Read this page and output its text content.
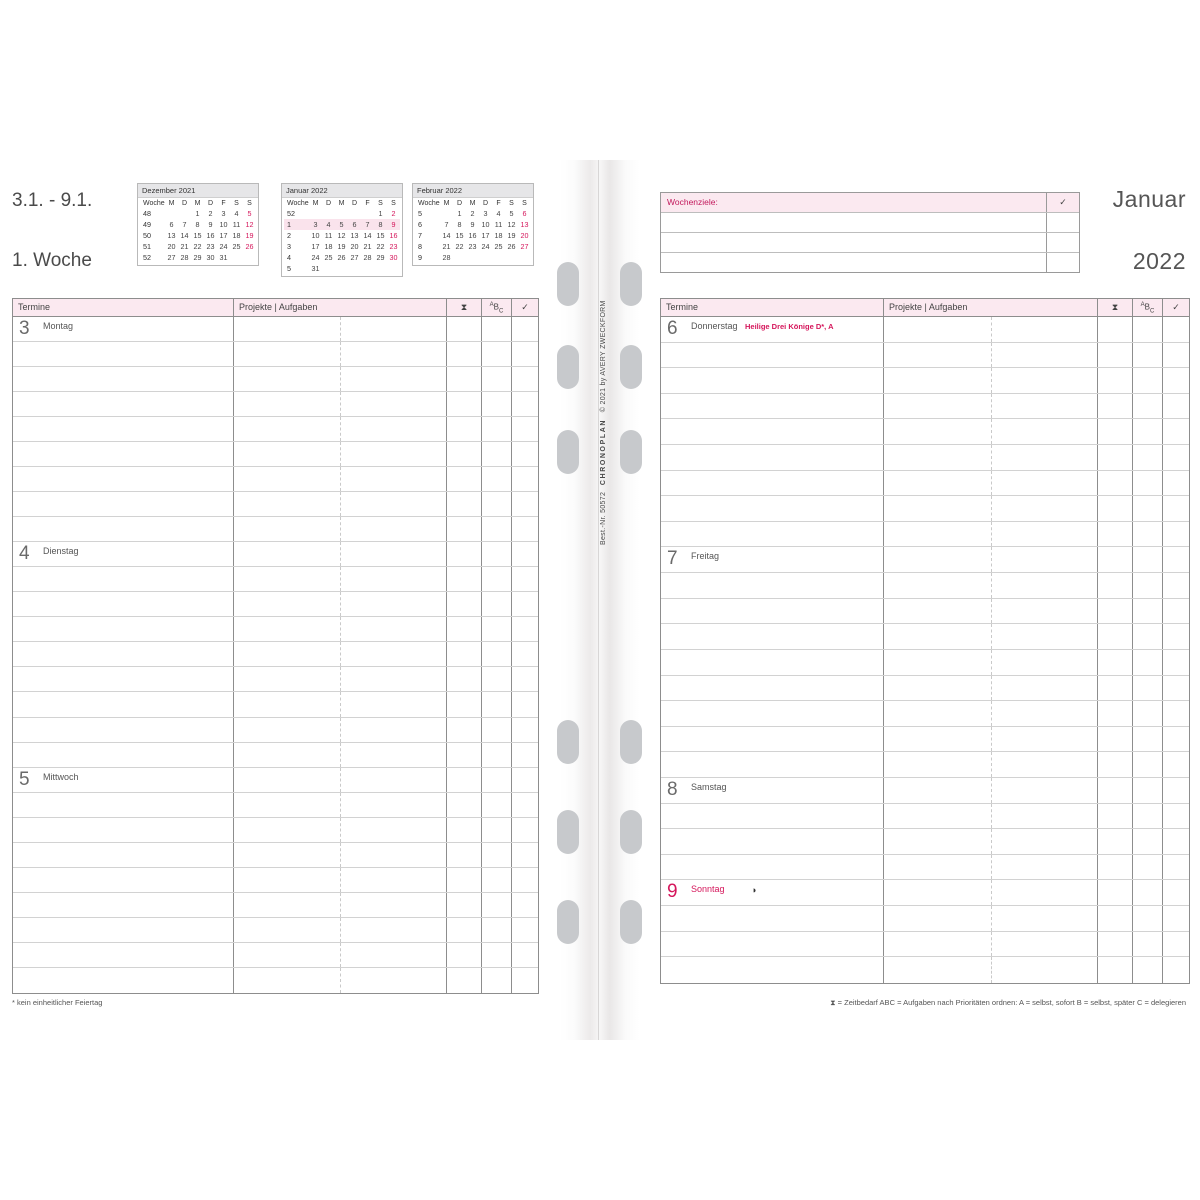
3.1. - 9.1.
1. Woche
Dezember 2021
Woche	M	D	M	D	F	S	S
48			1	2	3	4	5
49	6	7	8	9	10	11	12
50	13	14	15	16	17	18	19
51	20	21	22	23	24	25	26
52	27	28	29	30	31		
Januar 2022
Woche	M	D	M	D	F	S	S
52						1	2
1	3	4	5	6	7	8	9
2	10	11	12	13	14	15	16
3	17	18	19	20	21	22	23
4	24	25	26	27	28	29	30
5	31						
Februar 2022
Woche	M	D	M	D	F	S	S
5		1	2	3	4	5	6
6	7	8	9	10	11	12	13
7	14	15	16	17	18	19	20
8	21	22	23	24	25	26	27
9	28						
Wochenziele:	✓	Januar
2022
Best.-Nr. 50572   CHRONOPLAN   © 2021 by AVERY ZWECKFORM
Termine	Projekte | Aufgaben	⧗	$^AB_C$	✓
3 Montag
4 Dienstag
5 Mittwoch
Termine	Projekte | Aufgaben	⧗	$^AB_C$	✓
6 Donnerstag Heilige Drei Könige D*, A
7 Freitag
8 Samstag
9 Sonntag	◑
* kein einheitlicher Feiertag	⧗ = Zeitbedarf ABC = Aufgaben nach Prioritäten ordnen: A = selbst, sofort B = selbst, später C = delegieren
